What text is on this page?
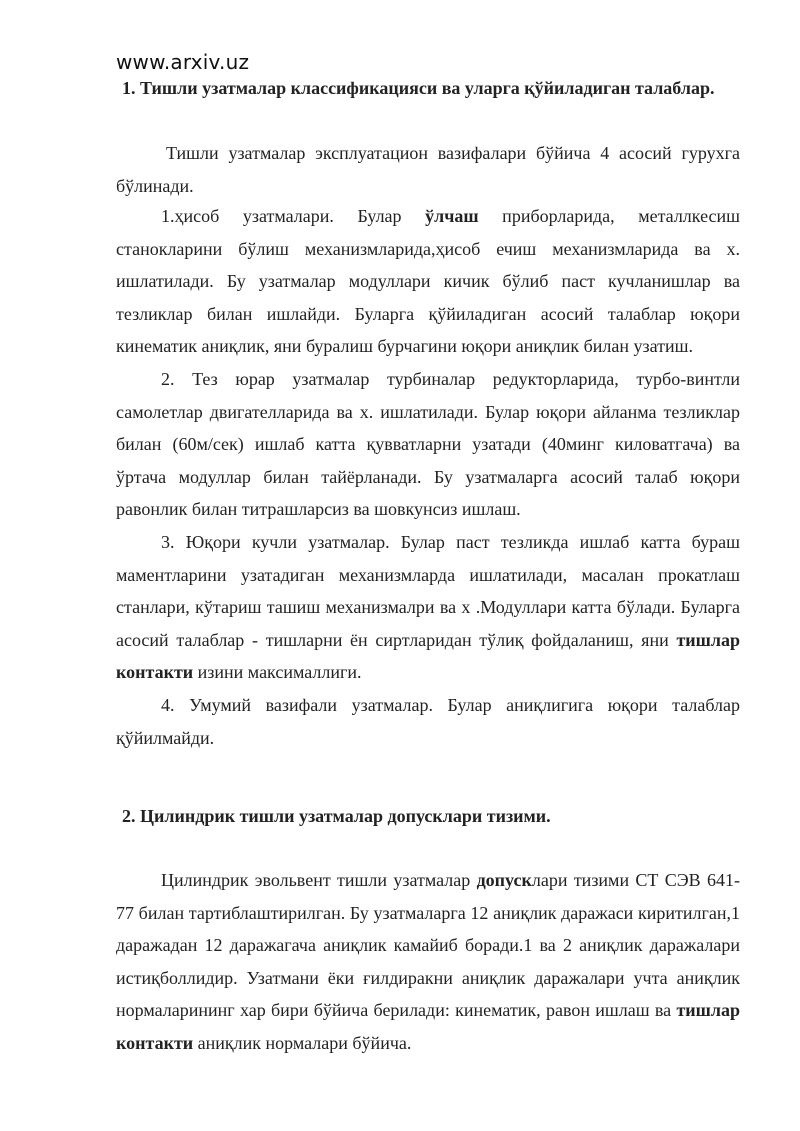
www.arxiv.uz
1. Тишли узатмалар классификацияси ва уларга қўйиладиган талаблар.

Тишли узатмалар эксплуатацион вазифалари бўйича 4 асосий гурухга бўлинади.

1.ҳисоб узатмалари. Булар ўлчаш приборларида, металлкесиш станокларини бўлиш механизмларида,ҳисоб ечиш механизмларида ва х. ишлатилади. Бу узатмалар модуллари кичик бўлиб паст кучланишлар ва тезликлар билан ишлайди. Буларга қўйиладиган асосий талаблар юқори кинематик аниқлик, яни буралиш бурчагини юқори аниқлик билан узатиш.

2. Тез юрар узатмалар турбиналар редукторларида, турбо-винтли самолетлар двигателларида ва х. ишлатилади. Булар юқори айланма тезликлар билан (60м/сек) ишлаб катта қувватларни узатади (40минг киловатгача) ва ўртача модуллар билан тайёрланади. Бу узатмаларга асосий талаб юқори равонлик билан титрашларсиз ва шовкунсиз ишлаш.

3. Юқори кучли узатмалар. Булар паст тезликда ишлаб катта бураш маментларини узатадиган механизмларда ишлатилади, масалан прокатлаш станлари, кўтариш ташиш механизмалри ва х .Модуллари катта бўлади. Буларга асосий талаблар - тишларни ён сиртларидан тўлиқ фойдаланиш, яни тишлар контакти изини максималлиги.

4. Умумий вазифали узатмалар. Булар аниқлигига юқори талаблар қўйилмайди.

2. Цилиндрик тишли узатмалар допусклари тизими.

Цилиндрик эвольвент тишли узатмалар допусклари тизими СТ СЭВ 641-77 билан тартиблаштирилган. Бу узатмаларга 12 аниқлик даражаси киритилган,1 даражадан 12 даражагача аниқлик камайиб боради.1 ва 2 аниқлик даражалари истиқболлидир. Узатмани ёки ғилдиракни аниқлик даражалари учта аниқлик нормаларининг хар бири бўйича берилади: кинематик, равон ишлаш ва тишлар контакти аниқлик нормалари бўйича.
